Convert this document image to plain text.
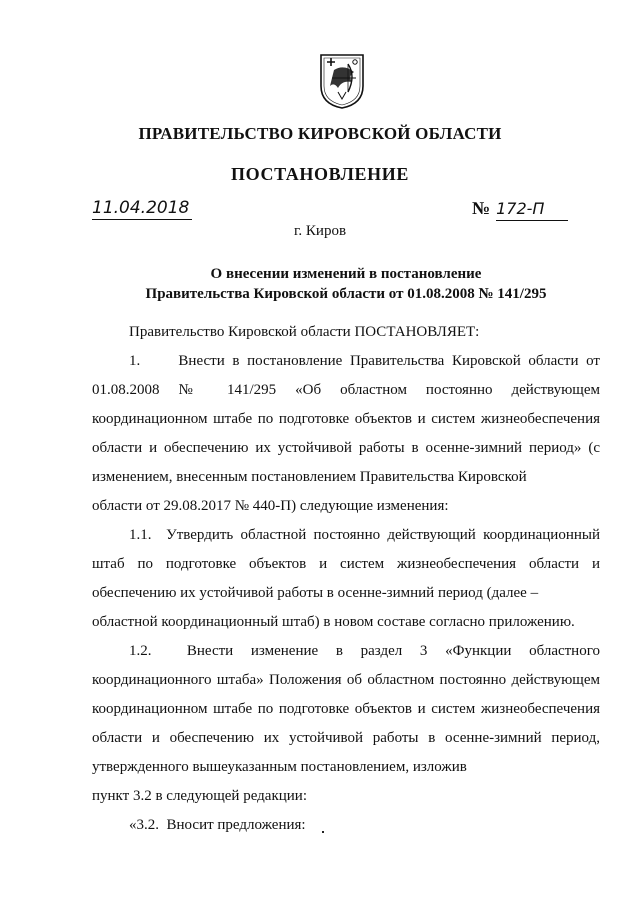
ПРАВИТЕЛЬСТВО КИРОВСКОЙ ОБЛАСТИ
ПОСТАНОВЛЕНИЕ
11.04.2018	№ 172-П
г. Киров
О внесении изменений в постановление
Правительства Кировской области от 01.08.2008 № 141/295

Правительство Кировской области ПОСТАНОВЛЯЕТ:

1.     Внести в постановление Правительства Кировской области от 01.08.2008 № 141/295 «Об областном постоянно действующем координационном штабе по подготовке объектов и систем жизнеобеспечения области и обеспечению их устойчивой работы в осенне-зимний период» (с изменением, внесенным постановлением Правительства Кировской

области от 29.08.2017 № 440-П) следующие изменения:

1.1.  Утвердить областной постоянно действующий координационный штаб по подготовке объектов и систем жизнеобеспечения области и обеспечению их устойчивой работы в осенне-зимний период (далее –

областной координационный штаб) в новом составе согласно приложению.

1.2.  Внести изменение в раздел 3 «Функции областного координационного штаба» Положения об областном постоянно действующем координационном штабе по подготовке объектов и систем жизнеобеспечения области и обеспечению их устойчивой работы в осенне-зимний период, утвержденного вышеуказанным постановлением, изложив

пункт 3.2 в следующей редакции:

«3.2.  Вносит предложения:
